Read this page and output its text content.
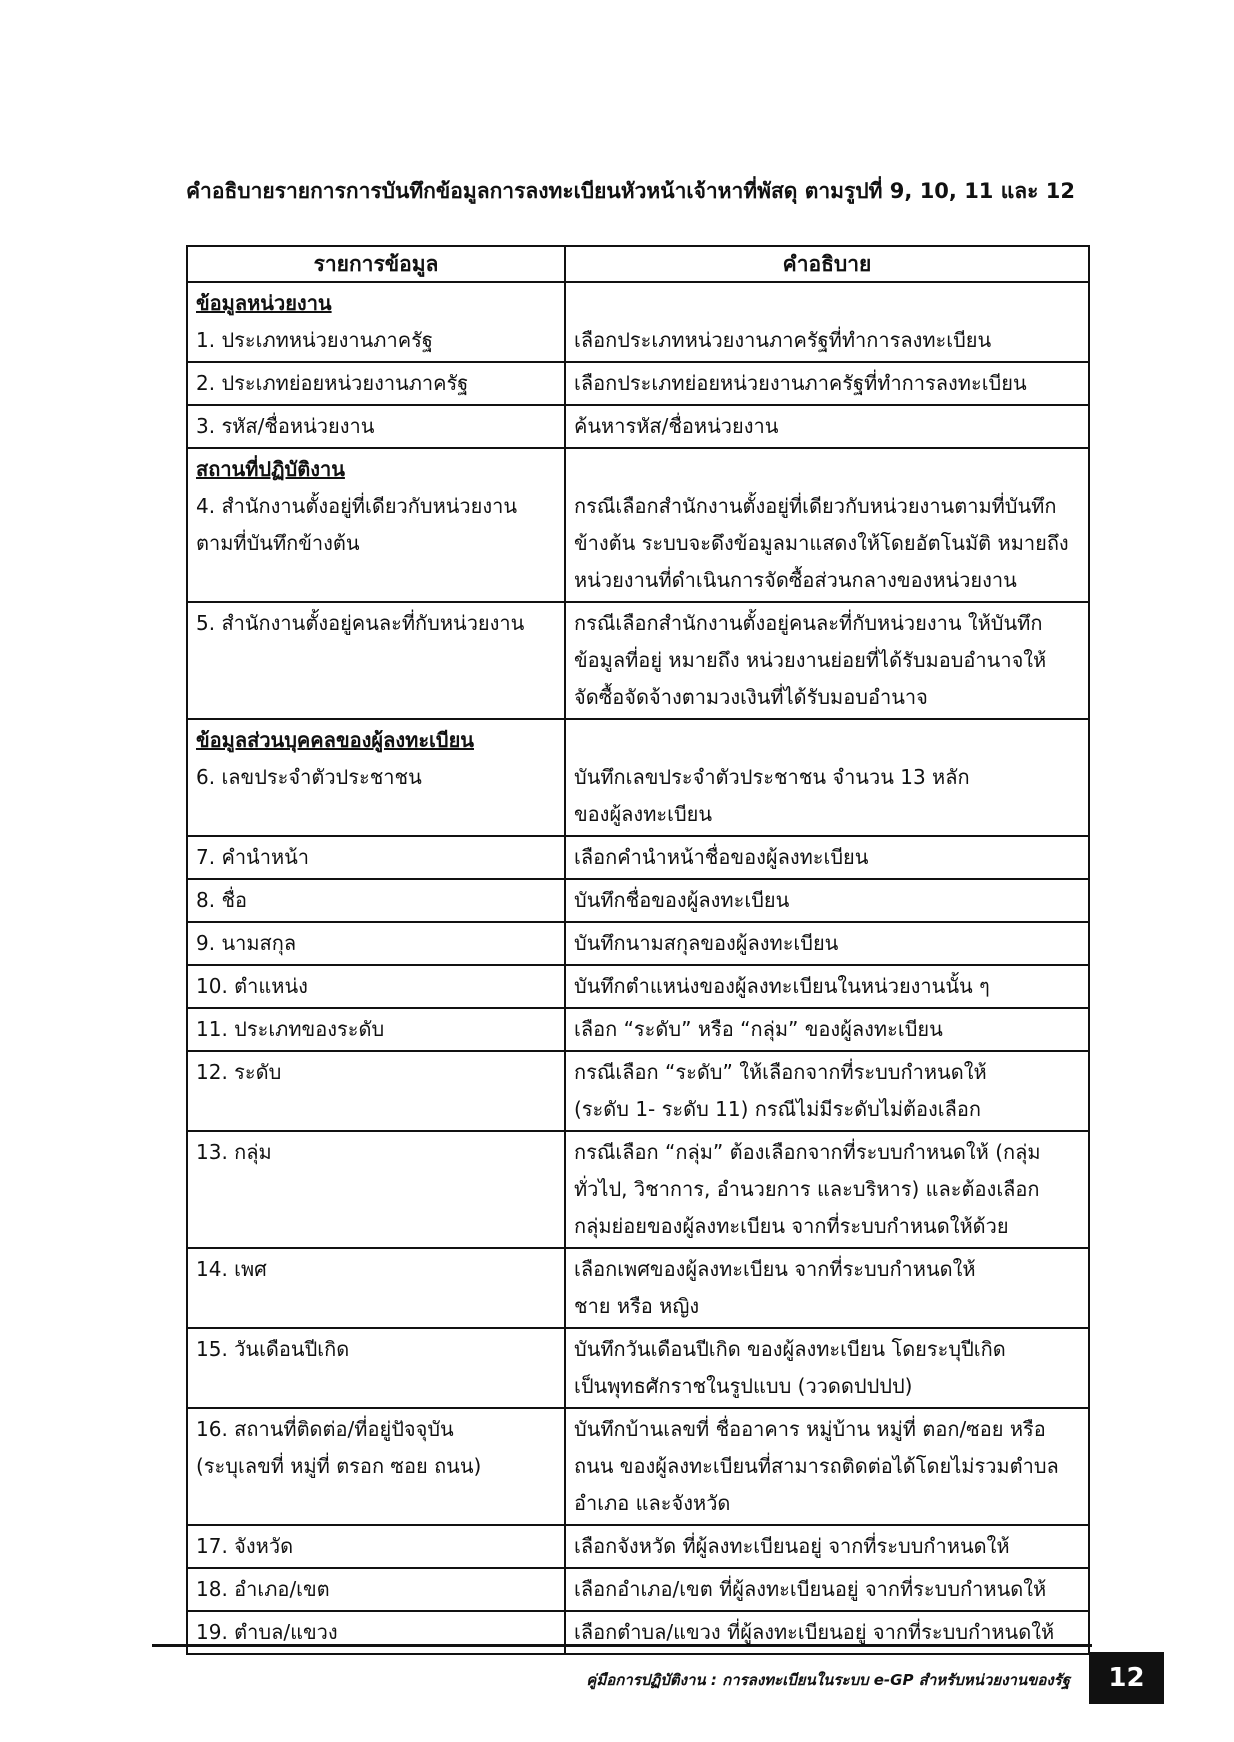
คำอธิบายรายการการบันทึกข้อมูลการลงทะเบียนหัวหน้าเจ้าหาที่พัสดุ ตามรูปที่ 9, 10, 11 และ 12
รายการข้อมูล	คำอธิบาย

ข้อมูลหน่วยงาน
1. ประเภทหน่วยงานภาครัฐ	เลือกประเภทหน่วยงานภาครัฐที่ทำการลงทะเบียน

2. ประเภทย่อยหน่วยงานภาครัฐ	เลือกประเภทย่อยหน่วยงานภาครัฐที่ทำการลงทะเบียน

3. รหัส/ชื่อหน่วยงาน	ค้นหารหัส/ชื่อหน่วยงาน

สถานที่ปฏิบัติงาน
4. สำนักงานตั้งอยู่ที่เดียวกับหน่วยงาน
ตามที่บันทึกข้างต้น	กรณีเลือกสำนักงานตั้งอยู่ที่เดียวกับหน่วยงานตามที่บันทึก
ข้างต้น ระบบจะดึงข้อมูลมาแสดงให้โดยอัตโนมัติ หมายถึง
หน่วยงานที่ดำเนินการจัดซื้อส่วนกลางของหน่วยงาน

5. สำนักงานตั้งอยู่คนละที่กับหน่วยงาน	กรณีเลือกสำนักงานตั้งอยู่คนละที่กับหน่วยงาน ให้บันทึก
ข้อมูลที่อยู่ หมายถึง หน่วยงานย่อยที่ได้รับมอบอำนาจให้
จัดซื้อจัดจ้างตามวงเงินที่ได้รับมอบอำนาจ

ข้อมูลส่วนบุคคลของผู้ลงทะเบียน
6. เลขประจำตัวประชาชน	บันทึกเลขประจำตัวประชาชน จำนวน 13 หลัก
ของผู้ลงทะเบียน

7. คำนำหน้า	เลือกคำนำหน้าชื่อของผู้ลงทะเบียน

8. ชื่อ	บันทึกชื่อของผู้ลงทะเบียน

9. นามสกุล	บันทึกนามสกุลของผู้ลงทะเบียน

10. ตำแหน่ง	บันทึกตำแหน่งของผู้ลงทะเบียนในหน่วยงานนั้น ๆ

11. ประเภทของระดับ	เลือก “ระดับ” หรือ “กลุ่ม” ของผู้ลงทะเบียน

12. ระดับ	กรณีเลือก “ระดับ” ให้เลือกจากที่ระบบกำหนดให้
(ระดับ 1- ระดับ 11) กรณีไม่มีระดับไม่ต้องเลือก

13. กลุ่ม	กรณีเลือก “กลุ่ม” ต้องเลือกจากที่ระบบกำหนดให้ (กลุ่ม
ทั่วไป, วิชาการ, อำนวยการ และบริหาร) และต้องเลือก
กลุ่มย่อยของผู้ลงทะเบียน จากที่ระบบกำหนดให้ด้วย

14. เพศ	เลือกเพศของผู้ลงทะเบียน จากที่ระบบกำหนดให้
ชาย หรือ หญิง

15. วันเดือนปีเกิด	บันทึกวันเดือนปีเกิด ของผู้ลงทะเบียน โดยระบุปีเกิด
เป็นพุทธศักราชในรูปแบบ (ววดดปปปป)

16. สถานที่ติดต่อ/ที่อยู่ปัจจุบัน
(ระบุเลขที่ หมู่ที่ ตรอก ซอย ถนน)	บันทึกบ้านเลขที่ ชื่ออาคาร หมู่บ้าน หมู่ที่ ตอก/ซอย หรือ
ถนน ของผู้ลงทะเบียนที่สามารถติดต่อได้โดยไม่รวมตำบล
อำเภอ และจังหวัด

17. จังหวัด	เลือกจังหวัด ที่ผู้ลงทะเบียนอยู่ จากที่ระบบกำหนดให้

18. อำเภอ/เขต	เลือกอำเภอ/เขต ที่ผู้ลงทะเบียนอยู่ จากที่ระบบกำหนดให้

19. ตำบล/แขวง	เลือกตำบล/แขวง ที่ผู้ลงทะเบียนอยู่ จากที่ระบบกำหนดให้
คู่มือการปฏิบัติงาน : การลงทะเบียนในระบบ e-GP สำหรับหน่วยงานของรัฐ	12
